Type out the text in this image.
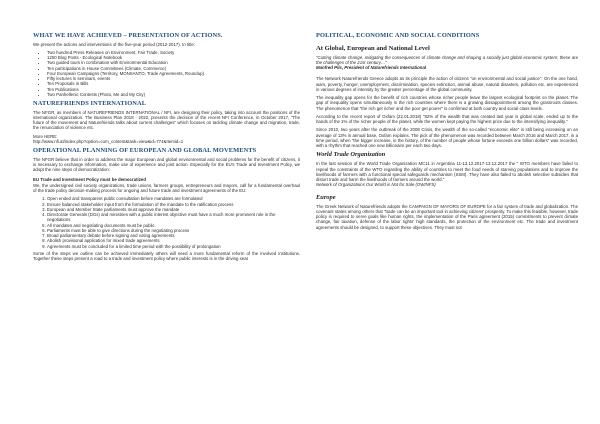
WHAT WE HAVE ACHIEVED – PRESENTATION OF ACTIONS.

We present the actions and interventions of the five-year period (2012-2017). In title:

• Two hundred Press Releases on Environment, Fair Trade, Society
• 1250 Blog Posts - Ecological Notebook
• Two guided tours in combination with Environmental Education
• Ten participations in House Committees (Climate, Commerce)
• Four European Campaigns (Territory, MONSANTO, Trade Agreements, Roundup)
• Fifty lectures in seminars, events
• Ten Proposals in Bills
• Ten Publications
• Two Panhellenic Contests (Photo, Me and My City)
NATUREFRIENDS INTERNATIONAL

The NFGR, as members of NATUREFRIENDS INTERNATIONAL / NFI, are designing their policy, taking into account the positions of the international organization. The Business Plan 2018 - 2022, presents the decision of the recent NFI Conference, in October 2017, "The future of the movement and Naturefriends talks about current challenges" which focuses on tackling climate change and migration, trade, the renunciation of violence etc.

More HERE:

http://www.nfi.at/index.php?option=com_content&task=view&id=774&Itemid=1

OPERATIONAL PLANNING OF EUROPEAN AND GLOBAL MOVEMENTS

The NFGR believe that in order to address the major European and global environmental and social problems for the benefit of citizens, it is necessary to exchange information, make use of experience and joint action. Especially for the EU's Trade and Investment Policy, we adopt the nine steps of democratization:

EU Trade and Investment Policy must be democratized

We, the undersigned civil society organizations, trade unions, farmers groups, entrepreneurs and mayors, call for a fundamental overhaul of the trade policy decision-making process for ongoing and future trade and investment agreements of the EU:

1. Open ended and transparent public consultation before mandates are formulated
2. Ensure balanced stakeholder input from the formulation of the mandate to the ratification process
3. European and Member State parliaments must approve the mandate
4. Directorate Generals (DGs) and ministries with a public interest objective must have a much more prominent role in the negotiations
5. All mandates and negotiating documents must be public
6. Parliaments must be able to give directions during the negotiating process
7. Broad parliamentary debate before signing and voting agreements
8. Abolish provisional application for mixed trade agreements
9. Agreements must be concluded for a limited time period with the possibility of prolongation

Some of the steps we outline can be achieved immediately others will need a more fundamental reform of the involved institutions. Together these steps present a road to a trade and investment policy where public interests is in the driving seat

POLITICAL, ECONOMIC AND SOCIAL CONDITIONS
At Global, European and National Level

"Cutting climate change, mitigating the consequences of climate change and shaping a socially just global economic system: these are the challenges of the 21st century…"

Manfred Pils, President of Naturefriends International

The Network Naturefriends Greece adopts as its principle the action of citizens "on environmental and social justice". On the one hand, wars, poverty, hunger, unemployment, discrimination, species extinction, animal abuse, natural disasters, pollution etc. are experienced in various degrees of intensity by the greater percentage of the global community.

The inequality gap opens for the benefit of rich countries whose richer people leave the largest ecological footprint on the planet. The gap of inequality opens simultaneously in the rich countries where there is a growing dissappointment among the grassroots classes. The phenomenon that "the rich get richer and the poor get poorer" is confirmed at both country and social class levels.

According to the recent report of Oxfam (22.01.2018) "82% of the wealth that was created last year is global scale, ended up to the hands of the 1% of the richer people of the planet, while the women kept paying the highest price due to the intensifying inequality."

Since 2010, two years after the outbreak of the 2008 Crisis, the wealth of the so-called "economic elite" is still being increasing on an average of 13% in annual base, Oxfam explains. The pick of the phenomenon was recorded between March 2016 and March 2017, in a time period, when "the bigger increase, in the history, of the number of people whose fortune exceeds one billion dollars" was recorded, with a rhythm that reached one new billionaire per each two days.

World Trade Organization

In the last session of the World Trade Organization MC11 in Argentina 11-13.12.2017-13.12.2017 the " WTO members have failed to repeal the constraints of the WTO regarding the ability of countries to meet the food needs of starving populations and to improve the livelihoods of farmers with a functional special safeguards mechanism (SSM). They have also failed to abolish selective subsidies that distort trade and harm the livelihoods of farmers around the world."

Network of Organizations Our World is Not for Sale (OWINFS)

Europe

The Greek Network of Naturefriends adopts the CAMPAIGN OF MAYORS OF EUROPE for a fair system of trade and globalization. The covenant states among others that "trade can be an important tool in achieving citizens' prosperity. To make this feasible, however, trade policy is required to serve goals like human rights, the implementation of the Paris agreement (2015) commitments to prevent climate change, fair taxation, defense of the labor rights' high standards, the protection of the environment etc. The trade and investment agreements should be designed, to support these objectives. They must not
